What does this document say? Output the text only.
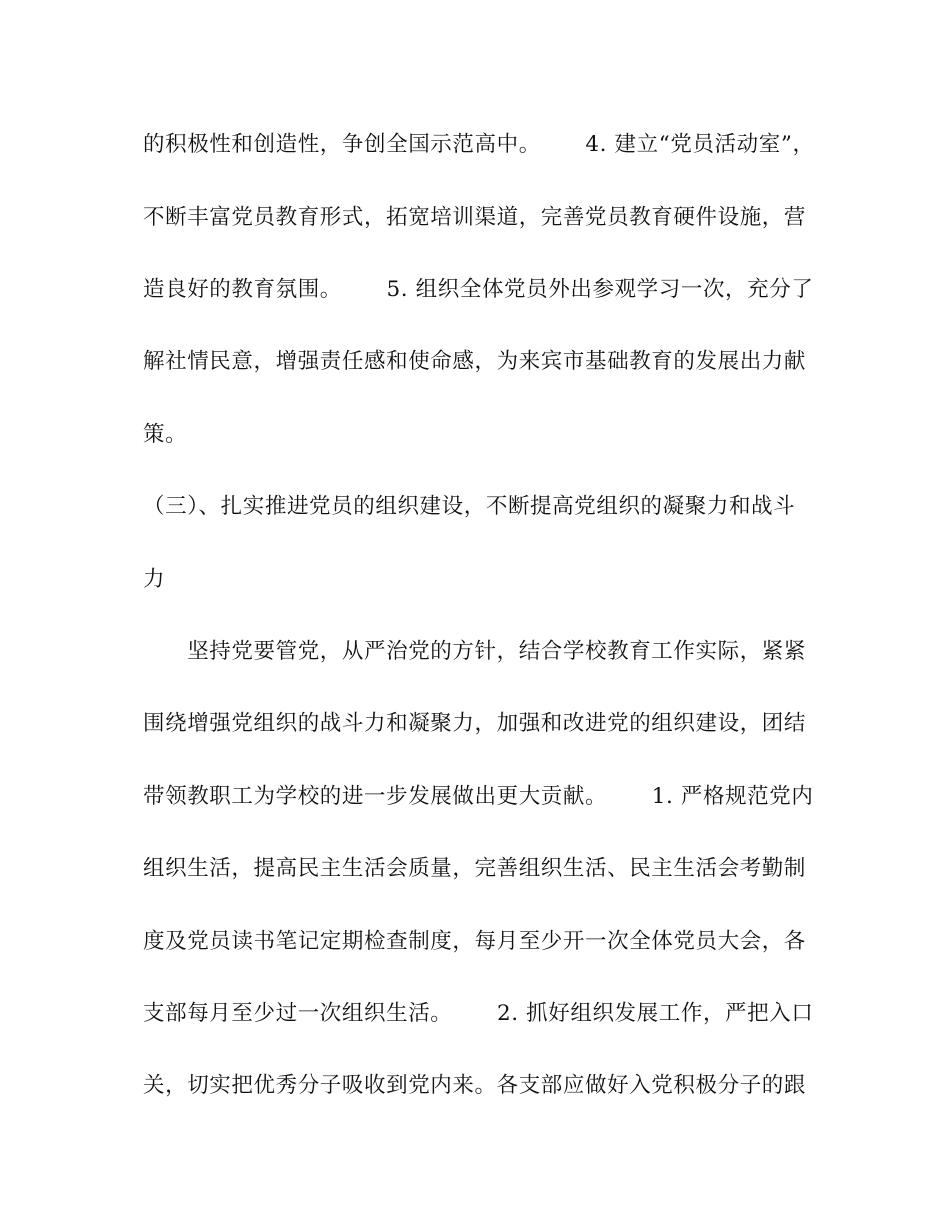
的积极性和创造性，争创全国示范高中。      4. 建立“党员活动室”，
不断丰富党员教育形式，拓宽培训渠道，完善党员教育硬件设施，营
造良好的教育氛围。      5. 组织全体党员外出参观学习一次，充分了
解社情民意，增强责任感和使命感，为来宾市基础教育的发展出力献
策。
（三）、扎实推进党员的组织建设，不断提高党组织的凝聚力和战斗
力
　　坚持党要管党，从严治党的方针，结合学校教育工作实际，紧紧
围绕增强党组织的战斗力和凝聚力，加强和改进党的组织建设，团结
带领教职工为学校的进一步发展做出更大贡献。      1. 严格规范党内
组织生活，提高民主生活会质量，完善组织生活、民主生活会考勤制
度及党员读书笔记定期检查制度，每月至少开一次全体党员大会，各
支部每月至少过一次组织生活。      2. 抓好组织发展工作，严把入口
关，切实把优秀分子吸收到党内来。各支部应做好入党积极分子的跟
